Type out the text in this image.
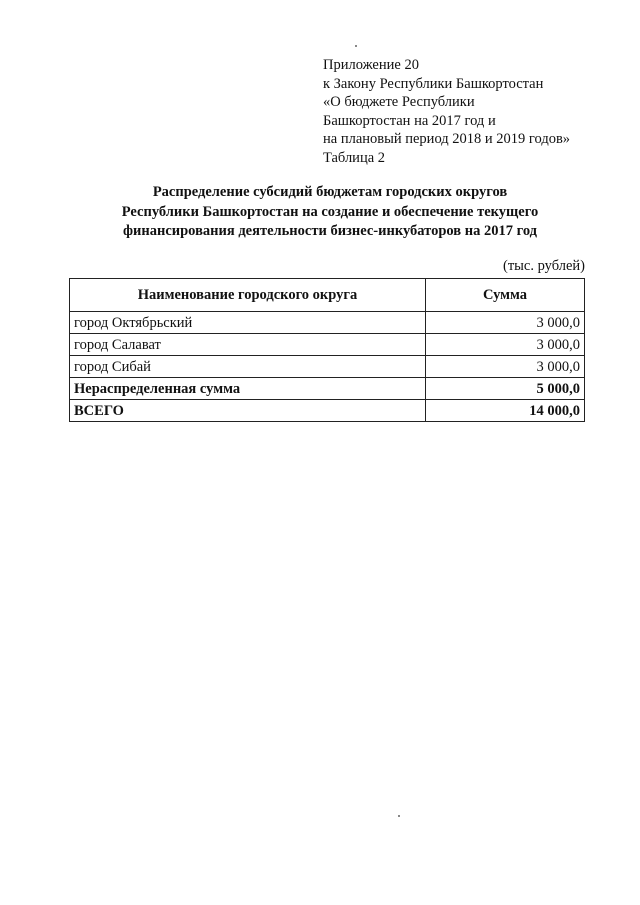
Приложение 20
к Закону Республики Башкортостан
«О бюджете Республики
Башкортостан на 2017 год и
на плановый период 2018 и 2019 годов»
Таблица 2
Распределение субсидий бюджетам городских округов
Республики Башкортостан на создание и обеспечение текущего
финансирования деятельности бизнес-инкубаторов на 2017 год
(тыс. рублей)
Наименование городского округа	Сумма
город Октябрьский	3 000,0
город Салават	3 000,0
город Сибай	3 000,0
Нераспределенная сумма	5 000,0
ВСЕГО	14 000,0
